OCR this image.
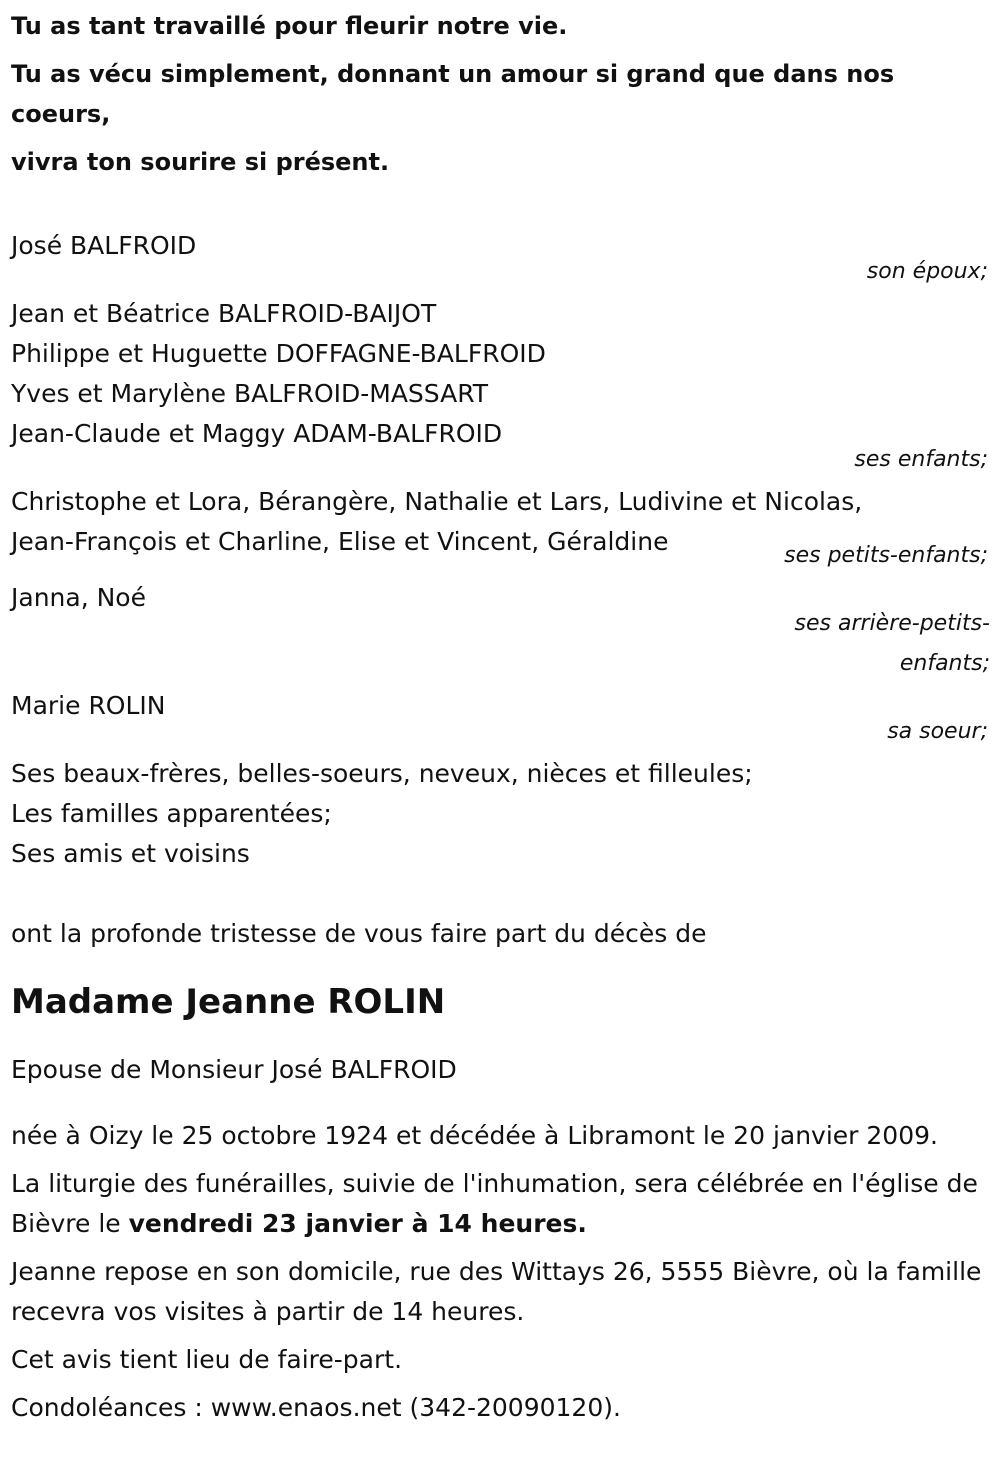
Tu as tant travaillé pour fleurir notre vie.

Tu as vécu simplement, donnant un amour si grand que dans nos coeurs,

vivra ton sourire si présent.

José BALFROID

son époux;

Jean et Béatrice BALFROID-BAIJOT

Philippe et Huguette DOFFAGNE-BALFROID

Yves et Marylène BALFROID-MASSART

Jean-Claude et Maggy ADAM-BALFROID

ses enfants;

Christophe et Lora, Bérangère, Nathalie et Lars, Ludivine et Nicolas,

Jean-François et Charline, Elise et Vincent, Géraldine	ses petits-enfants;

Janna, Noé

ses arrière-petits-enfants;

Marie ROLIN

sa soeur;

Ses beaux-frères, belles-soeurs, neveux, nièces et filleules;

Les familles apparentées;

Ses amis et voisins

ont la profonde tristesse de vous faire part du décès de

Madame Jeanne ROLIN

Epouse de Monsieur José BALFROID

née à Oizy le 25 octobre 1924 et décédée à Libramont le 20 janvier 2009.

La liturgie des funérailles, suivie de l'inhumation, sera célébrée en l'église de Bièvre le vendredi 23 janvier à 14 heures.

Jeanne repose en son domicile, rue des Wittays 26, 5555 Bièvre, où la famille recevra vos visites à partir de 14 heures.

Cet avis tient lieu de faire-part.

Condoléances : www.enaos.net (342-20090120).
